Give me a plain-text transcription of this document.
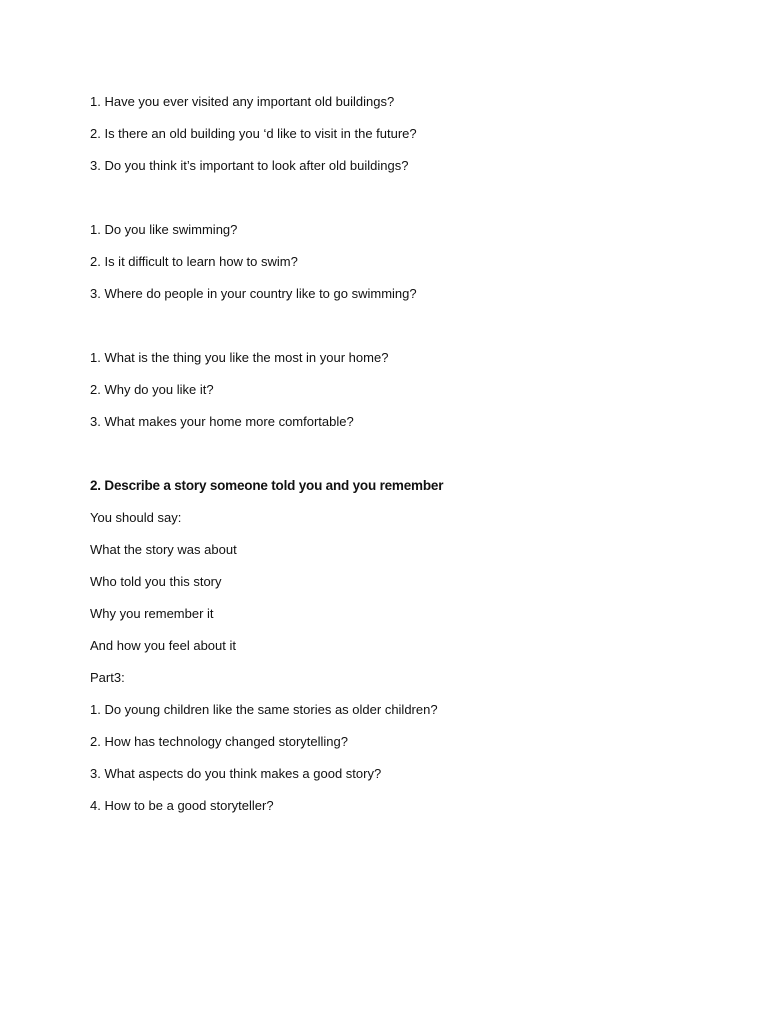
1. Have you ever visited any important old buildings?
2. Is there an old building you ‘d like to visit in the future?
3. Do you think it’s important to look after old buildings?
1. Do you like swimming?
2. Is it difficult to learn how to swim?
3. Where do people in your country like to go swimming?
1. What is the thing you like the most in your home?
2. Why do you like it?
3. What makes your home more comfortable?
2. Describe a story someone told you and you remember
You should say:
What the story was about
Who told you this story
Why you remember it
And how you feel about it
Part3:
1. Do young children like the same stories as older children?
2. How has technology changed storytelling?
3. What aspects do you think makes a good story?
4. How to be a good storyteller?
